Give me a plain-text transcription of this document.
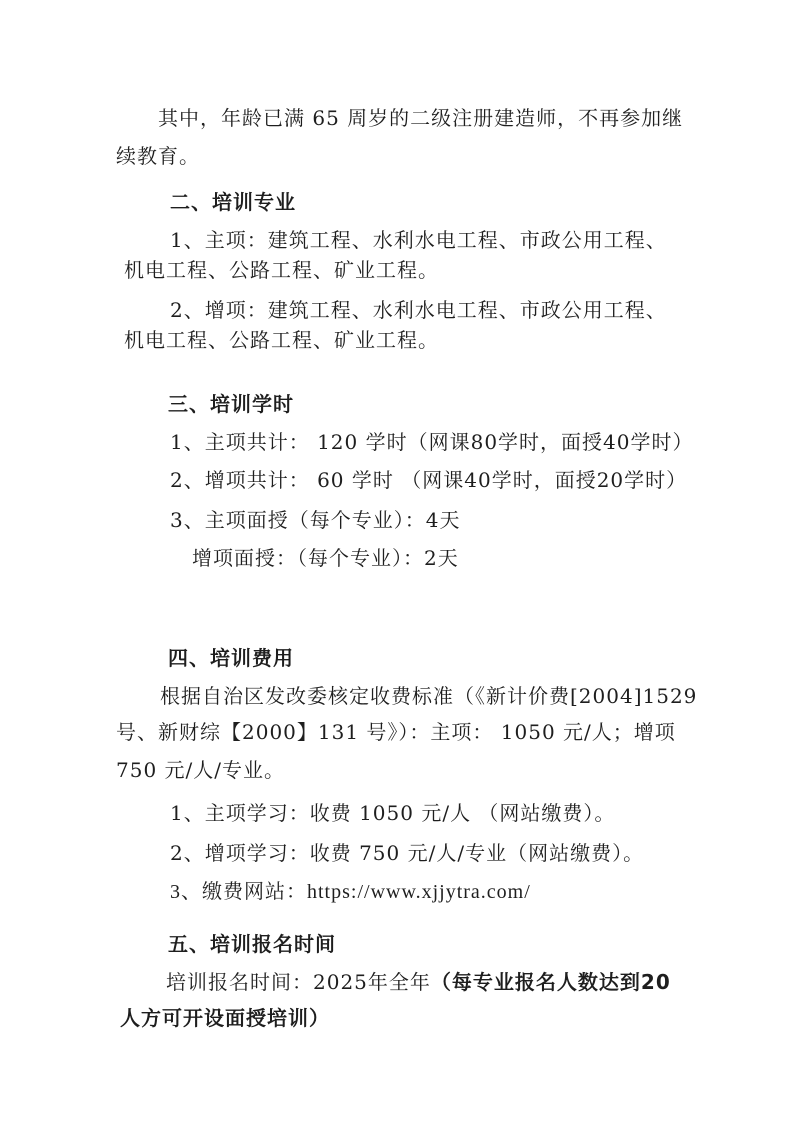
其中，年龄已满 65 周岁的二级注册建造师，不再参加继
续教育。
二、培训专业
1、主项：建筑工程、水利水电工程、市政公用工程、
机电工程、公路工程、矿业工程。
2、增项：建筑工程、水利水电工程、市政公用工程、
机电工程、公路工程、矿业工程。
三、培训学时
1、主项共计： 120 学时（网课80学时，面授40学时）
2、增项共计： 60 学时 （网课40学时，面授20学时）
3、主项面授（每个专业）：4天
增项面授：（每个专业）：2天
四、培训费用
根据自治区发改委核定收费标准（《新计价费[2004]1529
号、新财综【2000】131 号》）：主项： 1050 元/人；增项
750 元/人/专业。
1、主项学习：收费 1050 元/人 （网站缴费）。
2、增项学习：收费 750 元/人/专业（网站缴费）。
3、缴费网站：https://www.xjjytra.com/
五、培训报名时间
培训报名时间：2025年全年（每专业报名人数达到20
人方可开设面授培训）
